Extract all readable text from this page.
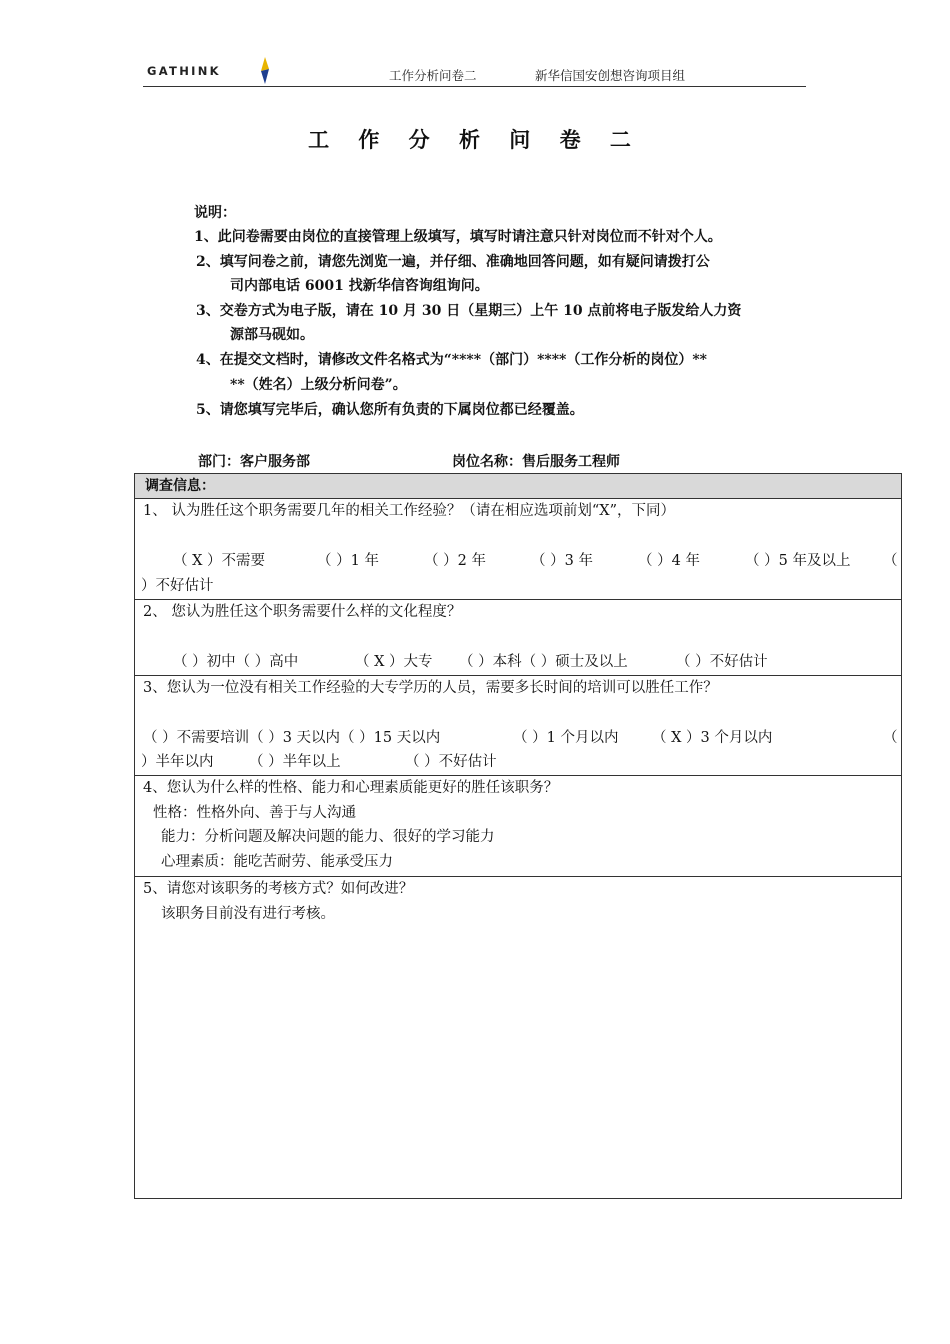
GATHINK	工作分析问卷二	新华信国安创想咨询项目组
工 作 分 析 问 卷 二
说明：
1、此问卷需要由岗位的直接管理上级填写，填写时请注意只针对岗位而不针对个人。
2、填写问卷之前，请您先浏览一遍，并仔细、准确地回答问题，如有疑问请拨打公
司内部电话 6001 找新华信咨询组询问。
3、交卷方式为电子版，请在 10 月 30 日（星期三）上午 10 点前将电子版发给人力资
源部马砚如。
4、在提交文档时，请修改文件名格式为“****（部门）****（工作分析的岗位）**
**（姓名）上级分析问卷”。
5、请您填写完毕后，确认您所有负责的下属岗位都已经覆盖。
部门：客户服务部	岗位名称：售后服务工程师
调查信息：
1、 认为胜任这个职务需要几年的相关工作经验？（请在相应选项前划“X”，下同）
（ X ）不需要	（ ）1 年	（ ）2 年	（ ）3 年	（ ）4 年	（ ）5 年及以上 （
）不好估计
2、 您认为胜任这个职务需要什么样的文化程度？
（ ）初中（ ）高中	（ X ）大专 （ ）本科（ ）硕士及以上	（ ）不好估计
3、您认为一位没有相关工作经验的大专学历的人员，需要多长时间的培训可以胜任工作？
（ ）不需要培训（ ）3 天以内（ ）15 天以内	（ ）1 个月以内 （ X ）3 个月以内	（
）半年以内 （ ）半年以上	（ ）不好估计
4、您认为什么样的性格、能力和心理素质能更好的胜任该职务？
性格：性格外向、善于与人沟通
能力：分析问题及解决问题的能力、很好的学习能力
心理素质：能吃苦耐劳、能承受压力
5、请您对该职务的考核方式？如何改进？
该职务目前没有进行考核。
